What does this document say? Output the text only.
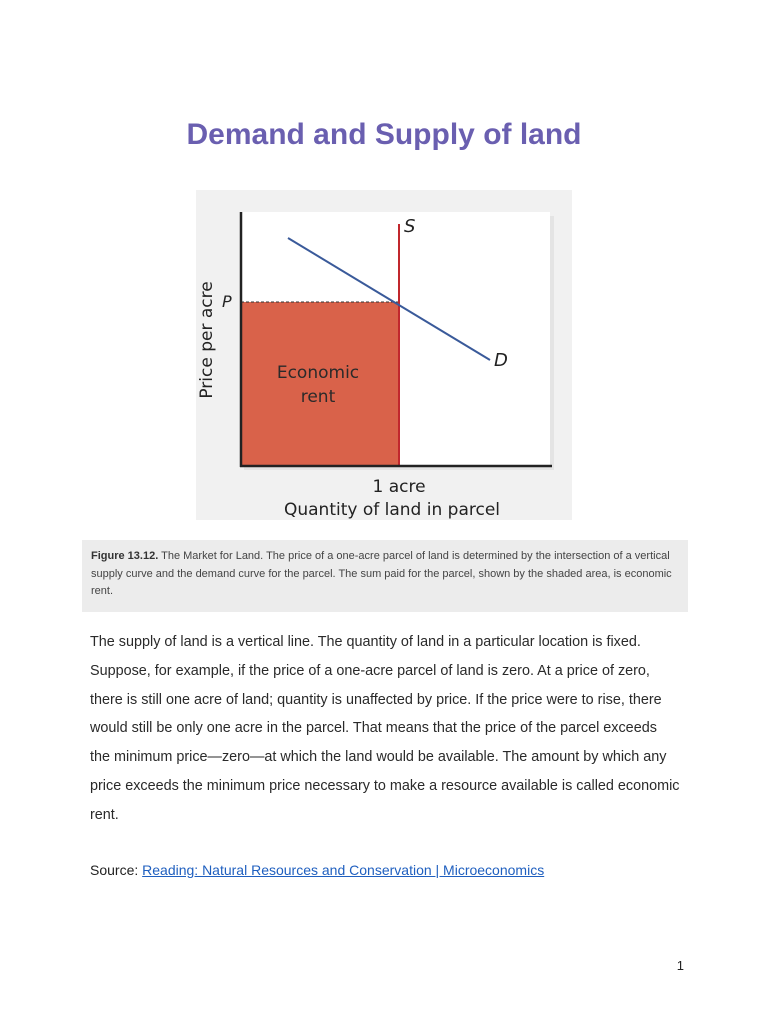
Demand and Supply of land
S
D
P
Economic
rent
1 acre
Quantity of land in parcel
Price per acre
Figure 13.12. The Market for Land. The price of a one-acre parcel of land is determined by the intersection of a vertical supply curve and the demand curve for the parcel. The sum paid for the parcel, shown by the shaded area, is economic rent.
The supply of land is a vertical line. The quantity of land in a particular location is fixed. Suppose, for example, if the price of a one-acre parcel of land is zero. At a price of zero, there is still one acre of land; quantity is unaffected by price. If the price were to rise, there would still be only one acre in the parcel. That means that the price of the parcel exceeds the minimum price—zero—at which the land would be available. The amount by which any price exceeds the minimum price necessary to make a resource available is called economic rent.
Source: Reading: Natural Resources and Conservation | Microeconomics
1
